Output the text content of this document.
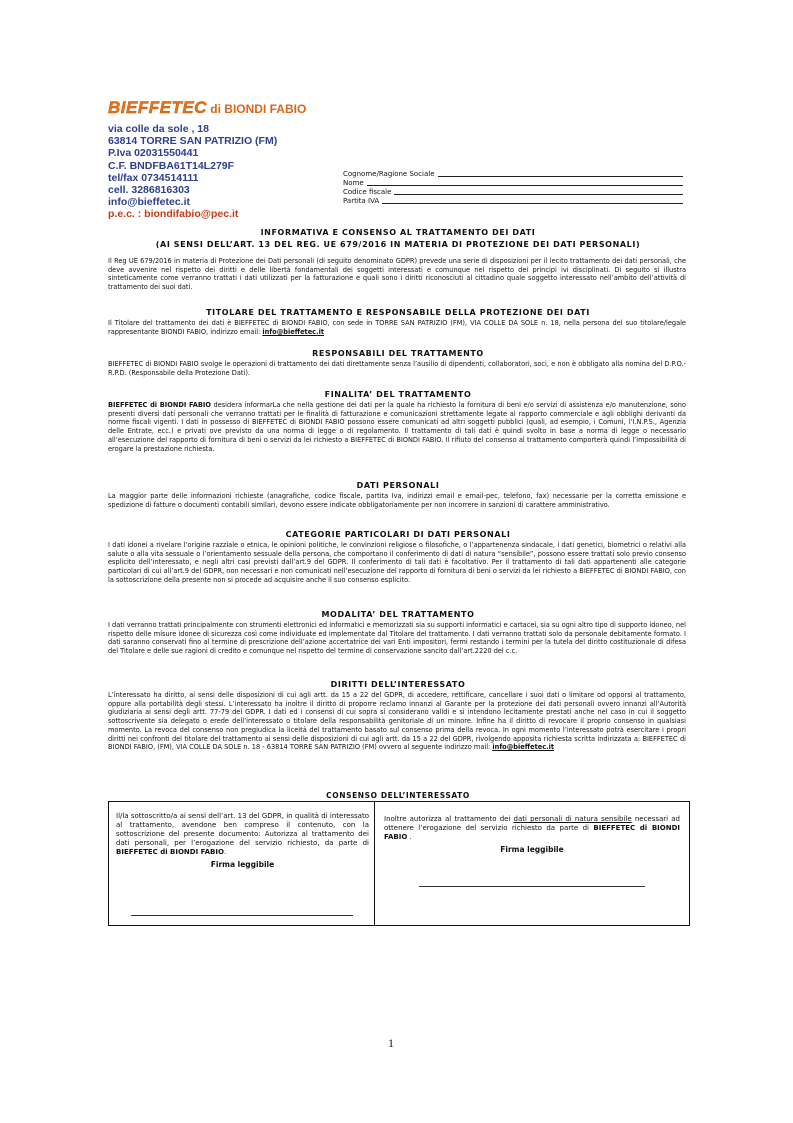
BIEFFETEC di BIONDI FABIO
via colle da sole , 18
63814 TORRE SAN PATRIZIO (FM)
P.Iva 02031550441
C.F. BNDFBA61T14L279F
tel/fax 0734514111
cell. 3286816303
info@bieffetec.it
p.e.c. : biondifabio@pec.it
Cognome/Ragione Sociale
Nome
Codice fiscale
Partita IVA
INFORMATIVA E CONSENSO AL TRATTAMENTO DEI DATI
(AI SENSI DELL’ART. 13 DEL REG. UE 679/2016 IN MATERIA DI PROTEZIONE DEI DATI PERSONALI)
Il Reg UE 679/2016 in materia di Protezione dei Dati personali (di seguito denominato GDPR) prevede una serie di disposizioni per il lecito trattamento dei dati personali, che deve avvenire nel rispetto dei diritti e delle libertà fondamentali dei soggetti interessati e comunque nel rispetto dei principi ivi disciplinati. Di seguito si illustra sinteticamente come verranno trattati i dati utilizzati per la fatturazione e quali sono i diritti riconosciuti al cittadino quale soggetto interessato nell’ambito dell’attività di trattamento dei suoi dati.
TITOLARE DEL TRATTAMENTO E RESPONSABILE DELLA PROTEZIONE DEI DATI
Il Titolare del trattamento dei dati è BIEFFETEC di BIONDI FABIO, con sede in TORRE SAN PATRIZIO (FM), VIA COLLE DA SOLE n. 18, nella persona del suo titolare/legale rappresentante BIONDI FABIO, indirizzo email: info@bieffetec.it
RESPONSABILI DEL TRATTAMENTO
BIEFFETEC di BIONDI FABIO svolge le operazioni di trattamento dei dati direttamente senza l’ausilio di dipendenti, collaboratori, soci, e non è obbligato alla nomina del D.P.O.-R.P.D. (Responsabile della Protezione Dati).
FINALITA’ DEL TRATTAMENTO
BIEFFETEC di BIONDI FABIO desidera informarLa che nella gestione dei dati per la quale ha richiesto la fornitura di beni e/o servizi di assistenza e/o manutenzione, sono presenti diversi dati personali che verranno trattati per le finalità di fatturazione e comunicazioni strettamente legate al rapporto commerciale e agli obblighi derivanti da norme fiscali vigenti. I dati in possesso di BIEFFETEC di BIONDI FABIO possono essere comunicati ad altri soggetti pubblici (quali, ad esempio, i Comuni, l’I.N.P.S., Agenzia delle Entrate, ecc.) e privati ove previsto da una norma di legge o di regolamento. Il trattamento di tali dati è quindi svolto in base a norma di legge o necessario all’esecuzione del rapporto di fornitura di beni o servizi da lei richiesto a BIEFFETEC di BIONDI FABIO. Il rifiuto del consenso al trattamento comporterà quindi l’impossibilità di erogare la prestazione richiesta.
DATI PERSONALI
La maggior parte delle informazioni richieste (anagrafiche, codice fiscale, partita Iva, indirizzi email e email-pec, telefono, fax) necessarie per la corretta emissione e spedizione di fatture o documenti contabili similari, devono essere indicate obbligatoriamente per non incorrere in sanzioni di carattere amministrativo.
CATEGORIE PARTICOLARI DI DATI PERSONALI
I dati idonei a rivelare l’origine razziale o etnica, le opinioni politiche, le convinzioni religiose o filosofiche, o l’appartenenza sindacale, i dati genetici, biometrici o relativi alla salute o alla vita sessuale o l’orientamento sessuale della persona, che comportano il conferimento di dati di natura “sensibile”, possono essere trattati solo previo consenso esplicito dell’interessato, e negli altri casi previsti dall’art.9 del GDPR. Il conferimento di tali dati è facoltativo. Per il trattamento di tali dati appartenenti alle categorie particolari di cui all’art.9 del GDPR, non necessari e non comunicati nell’esecuzione del rapporto di fornitura di beni o servizi da lei richiesto a BIEFFETEC di BIONDI FABIO, con la sottoscrizione della presente non si procede ad acquisire anche il suo consenso esplicito.
MODALITA’ DEL TRATTAMENTO
I dati verranno trattati principalmente con strumenti elettronici ed informatici e memorizzati sia su supporti informatici e cartacei, sia su ogni altro tipo di supporto idoneo, nel rispetto delle misure idonee di sicurezza così come individuate ed implementate dal Titolare del trattamento. I dati verranno trattati solo da personale debitamente formato. I dati saranno conservati fino al termine di prescrizione dell’azione accertatrice dei vari Enti impositori, fermi restando i termini per la tutela del diritto costituzionale di difesa del Titolare e delle sue ragioni di credito e comunque nel rispetto del termine di conservazione sancito dall’art.2220 del c.c.
DIRITTI DELL’INTERESSATO
L’interessato ha diritto, ai sensi delle disposizioni di cui agli artt. da 15 a 22 del GDPR, di accedere, rettificare, cancellare i suoi dati o limitare od opporsi al trattamento, oppure alla portabilità degli stessi. L’interessato ha inoltre il diritto di proporre reclamo innanzi al Garante per la protezione dei dati personali ovvero innanzi all’Autorità giudiziaria ai sensi degli artt. 77-79 del GDPR. I dati ed i consensi di cui sopra si considerano validi e si intendono lecitamente prestati anche nel caso in cui il soggetto sottoscrivente sia delegato o erede dell’interessato o titolare della responsabilità genitoriale di un minore. Infine ha il diritto di revocare il proprio consenso in qualsiasi momento. La revoca del consenso non pregiudica la liceità del trattamento basato sul consenso prima della revoca. In ogni momento l’interessato potrà esercitare i propri diritti nei confronti del titolare del trattamento ai sensi delle disposizioni di cui agli artt. da 15 a 22 del GDPR, rivolgendo apposita richiesta scritta indirizzata a: BIEFFETEC di BIONDI FABIO, (FM), VIA COLLE DA SOLE n. 18 - 63814 TORRE SAN PATRIZIO (FM) ovvero al seguente indirizzo mail: info@bieffetec.it
CONSENSO DELL’INTERESSATO
Il/la sottoscritto/a ai sensi dell’art. 13 del GDPR, in qualità di interessato al trattamento, avendone ben compreso il contenuto, con la sottoscrizione del presente documento: Autorizza al trattamento dei dati personali, per l’erogazione del servizio richiesto, da parte di BIEFFETEC di BIONDI FABIO.
Firma leggibile
Inoltre autorizza al trattamento dei dati personali di natura sensibile necessari ad ottenere l’erogazione del servizio richiesto da parte di BIEFFETEC di BIONDI FABIO .
Firma leggibile
1
